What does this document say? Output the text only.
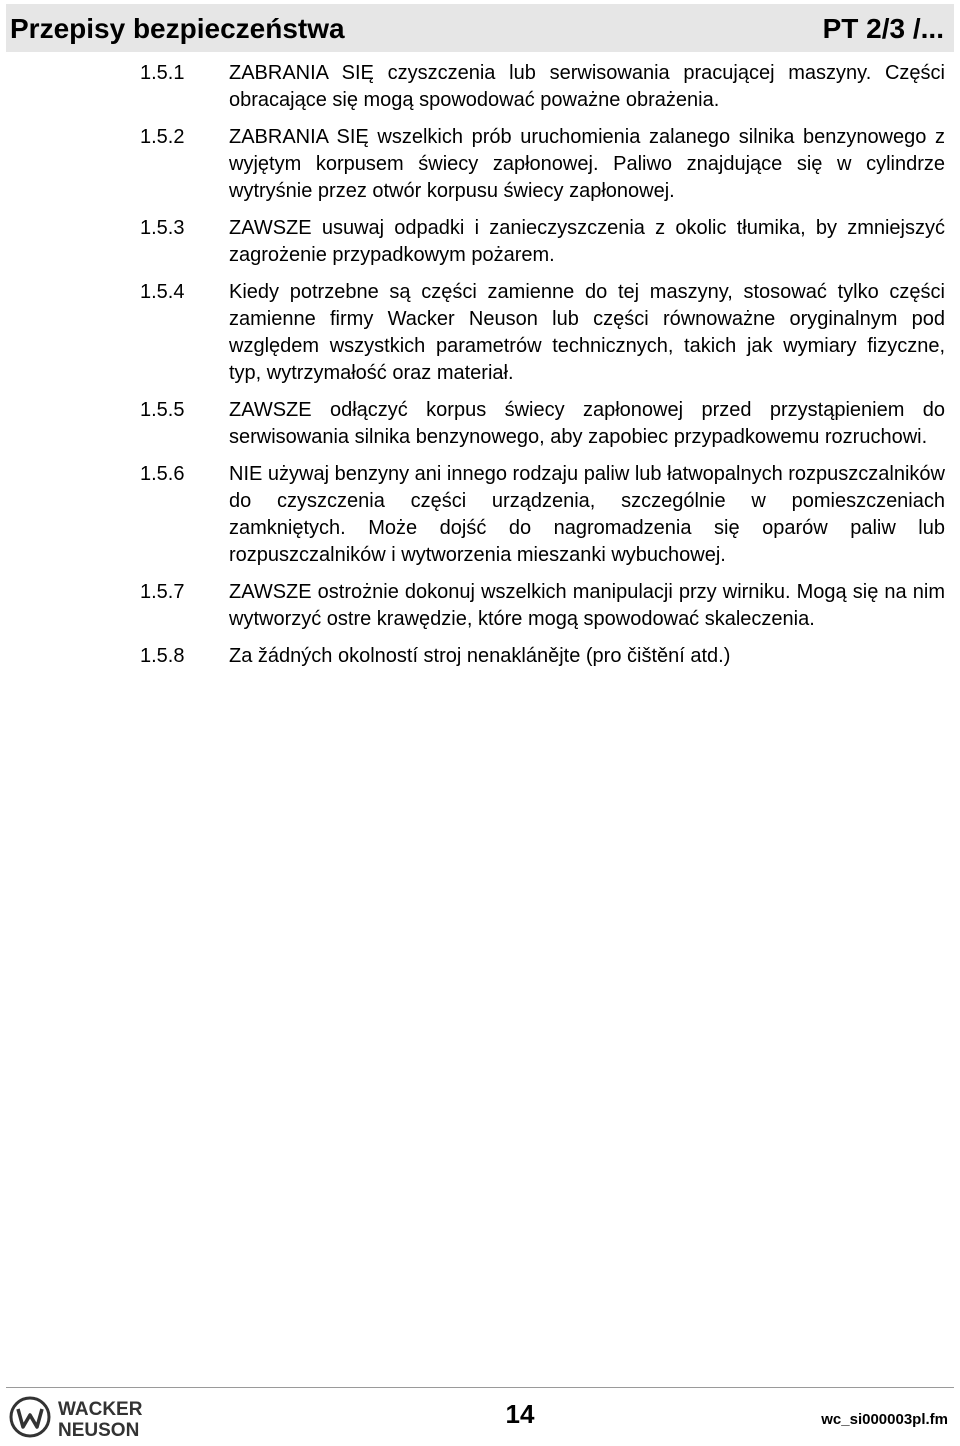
Przepisy bezpieczeństwa	PT 2/3 /...
1.5.1 ZABRANIA SIĘ czyszczenia lub serwisowania pracującej maszyny. Części obracające się mogą spowodować poważne obrażenia.
1.5.2 ZABRANIA SIĘ wszelkich prób uruchomienia zalanego silnika benzynowego z wyjętym korpusem świecy zapłonowej. Paliwo znajdujące się w cylindrze wytryśnie przez otwór korpusu świecy zapłonowej.
1.5.3 ZAWSZE usuwaj odpadki i zanieczyszczenia z okolic tłumika, by zmniejszyć zagrożenie przypadkowym pożarem.
1.5.4 Kiedy potrzebne są części zamienne do tej maszyny, stosować tylko części zamienne firmy Wacker Neuson lub części równoważne oryginalnym pod względem wszystkich parametrów technicznych, takich jak wymiary fizyczne, typ, wytrzymałość oraz materiał.
1.5.5 ZAWSZE odłączyć korpus świecy zapłonowej przed przystąpieniem do serwisowania silnika benzynowego, aby zapobiec przypadkowemu rozruchowi.
1.5.6 NIE używaj benzyny ani innego rodzaju paliw lub łatwopalnych rozpuszczalników do czyszczenia części urządzenia, szczególnie w pomieszczeniach zamkniętych. Może dojść do nagromadzenia się oparów paliw lub rozpuszczalników i wytworzenia mieszanki wybuchowej.
1.5.7 ZAWSZE ostrożnie dokonuj wszelkich manipulacji przy wirniku. Mogą się na nim wytworzyć ostre krawędzie, które mogą spowodować skaleczenia.
1.5.8 Za žádných okolností stroj nenaklánějte (pro čištění atd.)
WACKER
NEUSON
14	wc_si000003pl.fm
